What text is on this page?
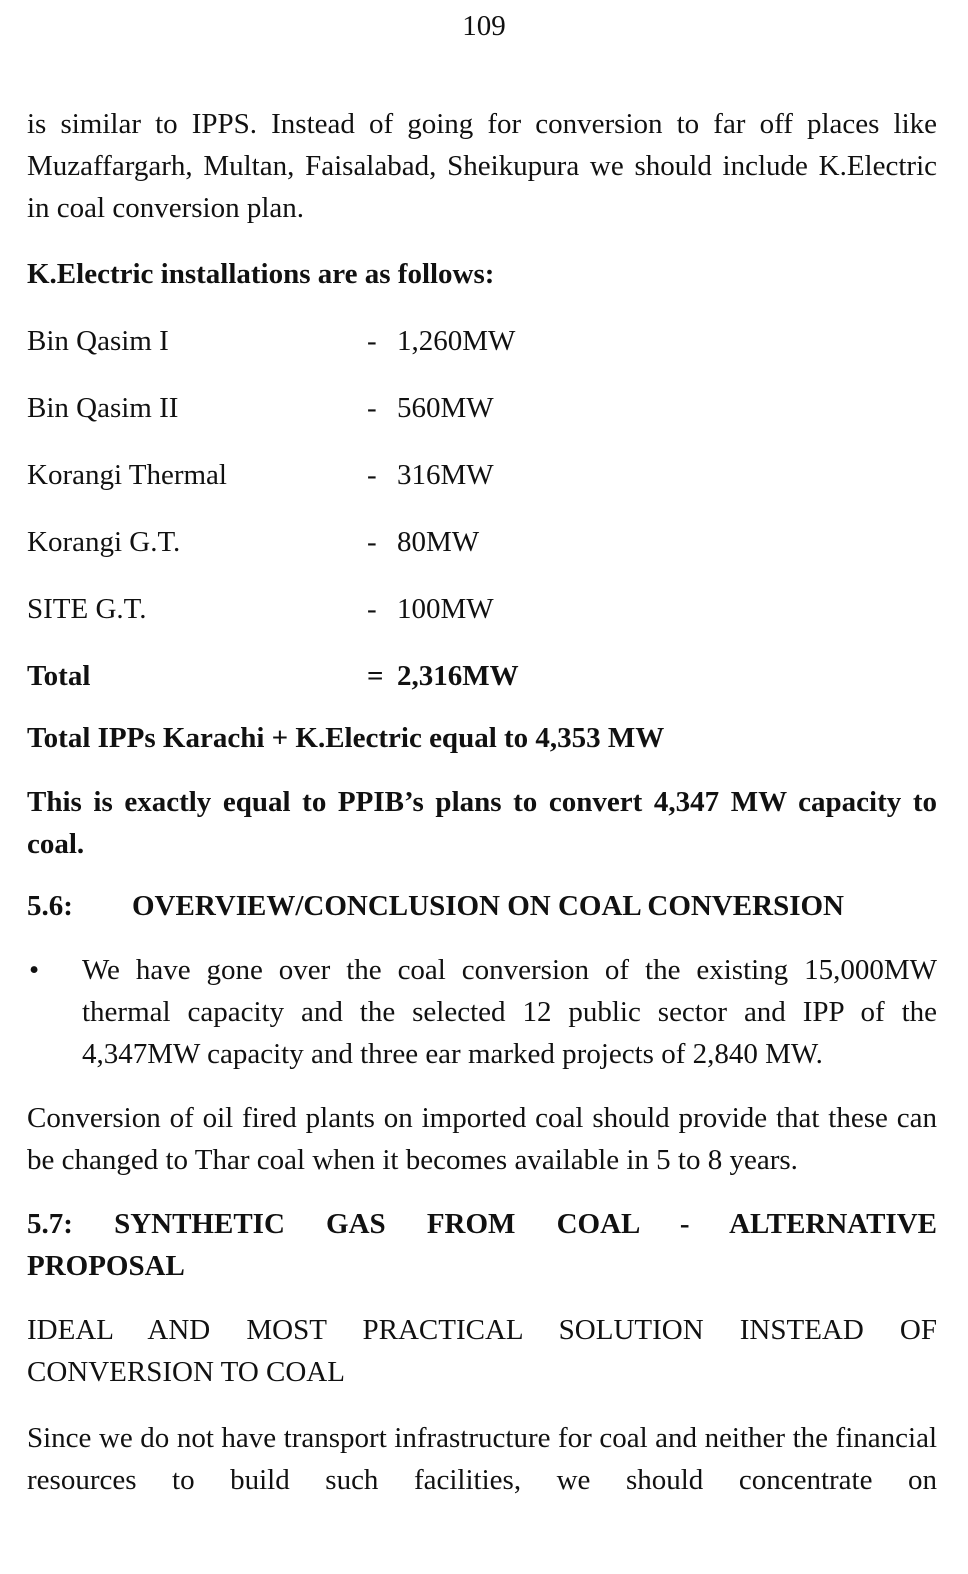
109

is similar to IPPS. Instead of going for conversion to far off places like Muzaffargarh, Multan, Faisalabad, Sheikupura we should include K.Electric in coal conversion plan.

K.Electric installations are as follows:

Bin Qasim I	- 1,260MW
Bin Qasim II	- 560MW
Korangi Thermal	- 316MW
Korangi G.T.	- 80MW
SITE G.T.	- 100MW
Total	= 2,316MW

Total IPPs Karachi + K.Electric equal to 4,353 MW

This is exactly equal to PPIB’s plans to convert 4,347 MW capacity to coal.

5.6:	OVERVIEW/CONCLUSION ON COAL CONVERSION
•	We have gone over the coal conversion of the existing 15,000MW thermal capacity and the selected 12 public sector and IPP of the 4,347MW capacity and three ear marked projects of 2,840 MW.

Conversion of oil fired plants on imported coal should provide that these can be changed to Thar coal when it becomes available in 5 to 8 years.

5.7: SYNTHETIC GAS FROM COAL - ALTERNATIVE
PROPOSAL
IDEAL AND MOST PRACTICAL SOLUTION INSTEAD OF
CONVERSION TO COAL

Since we do not have transport infrastructure for coal and neither the financial resources to build such facilities, we should concentrate on
